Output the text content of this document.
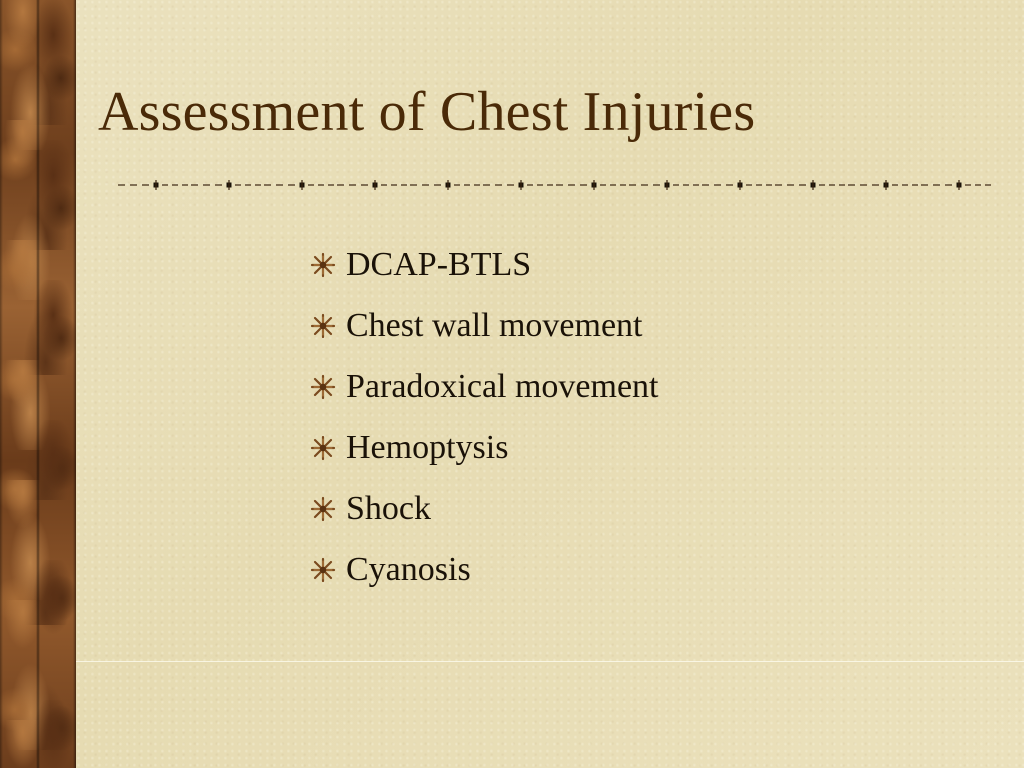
Assessment of Chest Injuries
DCAP-BTLS
Chest wall movement
Paradoxical movement
Hemoptysis
Shock
Cyanosis
